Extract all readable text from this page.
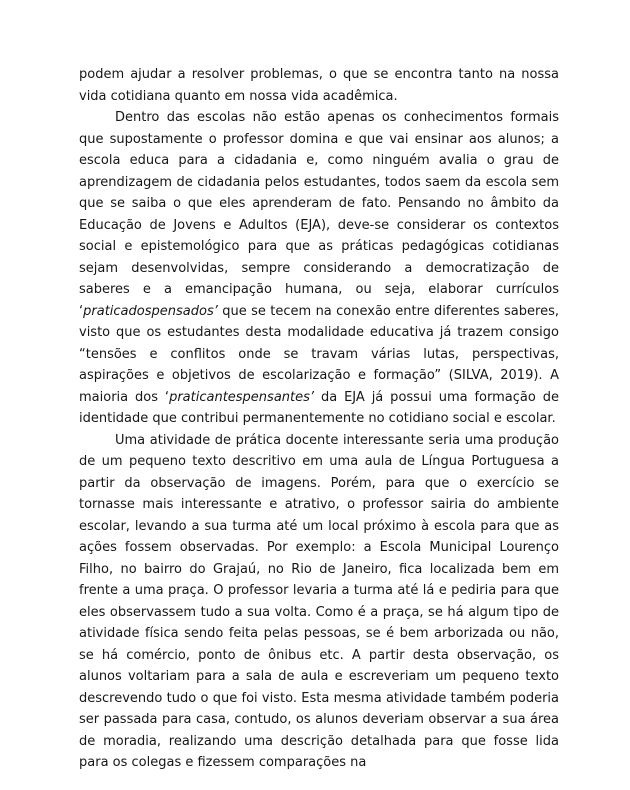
podem ajudar a resolver problemas, o que se encontra tanto na nossa vida cotidiana quanto em nossa vida acadêmica.

Dentro das escolas não estão apenas os conhecimentos formais que supostamente o professor domina e que vai ensinar aos alunos; a escola educa para a cidadania e, como ninguém avalia o grau de aprendizagem de cidadania pelos estudantes, todos saem da escola sem que se saiba o que eles aprenderam de fato. Pensando no âmbito da Educação de Jovens e Adultos (EJA), deve-se considerar os contextos social e epistemológico para que as práticas pedagógicas cotidianas sejam desenvolvidas, sempre considerando a democratização de saberes e a emancipação humana, ou seja, elaborar currículos ‘praticadospensados’ que se tecem na conexão entre diferentes saberes, visto que os estudantes desta modalidade educativa já trazem consigo “tensões e conflitos onde se travam várias lutas, perspectivas, aspirações e objetivos de escolarização e formação” (SILVA, 2019). A maioria dos ‘praticantespensantes’ da EJA já possui uma formação de identidade que contribui permanentemente no cotidiano social e escolar.

Uma atividade de prática docente interessante seria uma produção de um pequeno texto descritivo em uma aula de Língua Portuguesa a partir da observação de imagens. Porém, para que o exercício se tornasse mais interessante e atrativo, o professor sairia do ambiente escolar, levando a sua turma até um local próximo à escola para que as ações fossem observadas. Por exemplo: a Escola Municipal Lourenço Filho, no bairro do Grajaú, no Rio de Janeiro, fica localizada bem em frente a uma praça. O professor levaria a turma até lá e pediria para que eles observassem tudo a sua volta. Como é a praça, se há algum tipo de atividade física sendo feita pelas pessoas, se é bem arborizada ou não, se há comércio, ponto de ônibus etc. A partir desta observação, os alunos voltariam para a sala de aula e escreveriam um pequeno texto descrevendo tudo o que foi visto. Esta mesma atividade também poderia ser passada para casa, contudo, os alunos deveriam observar a sua área de moradia, realizando uma descrição detalhada para que fosse lida para os colegas e fizessem comparações na
